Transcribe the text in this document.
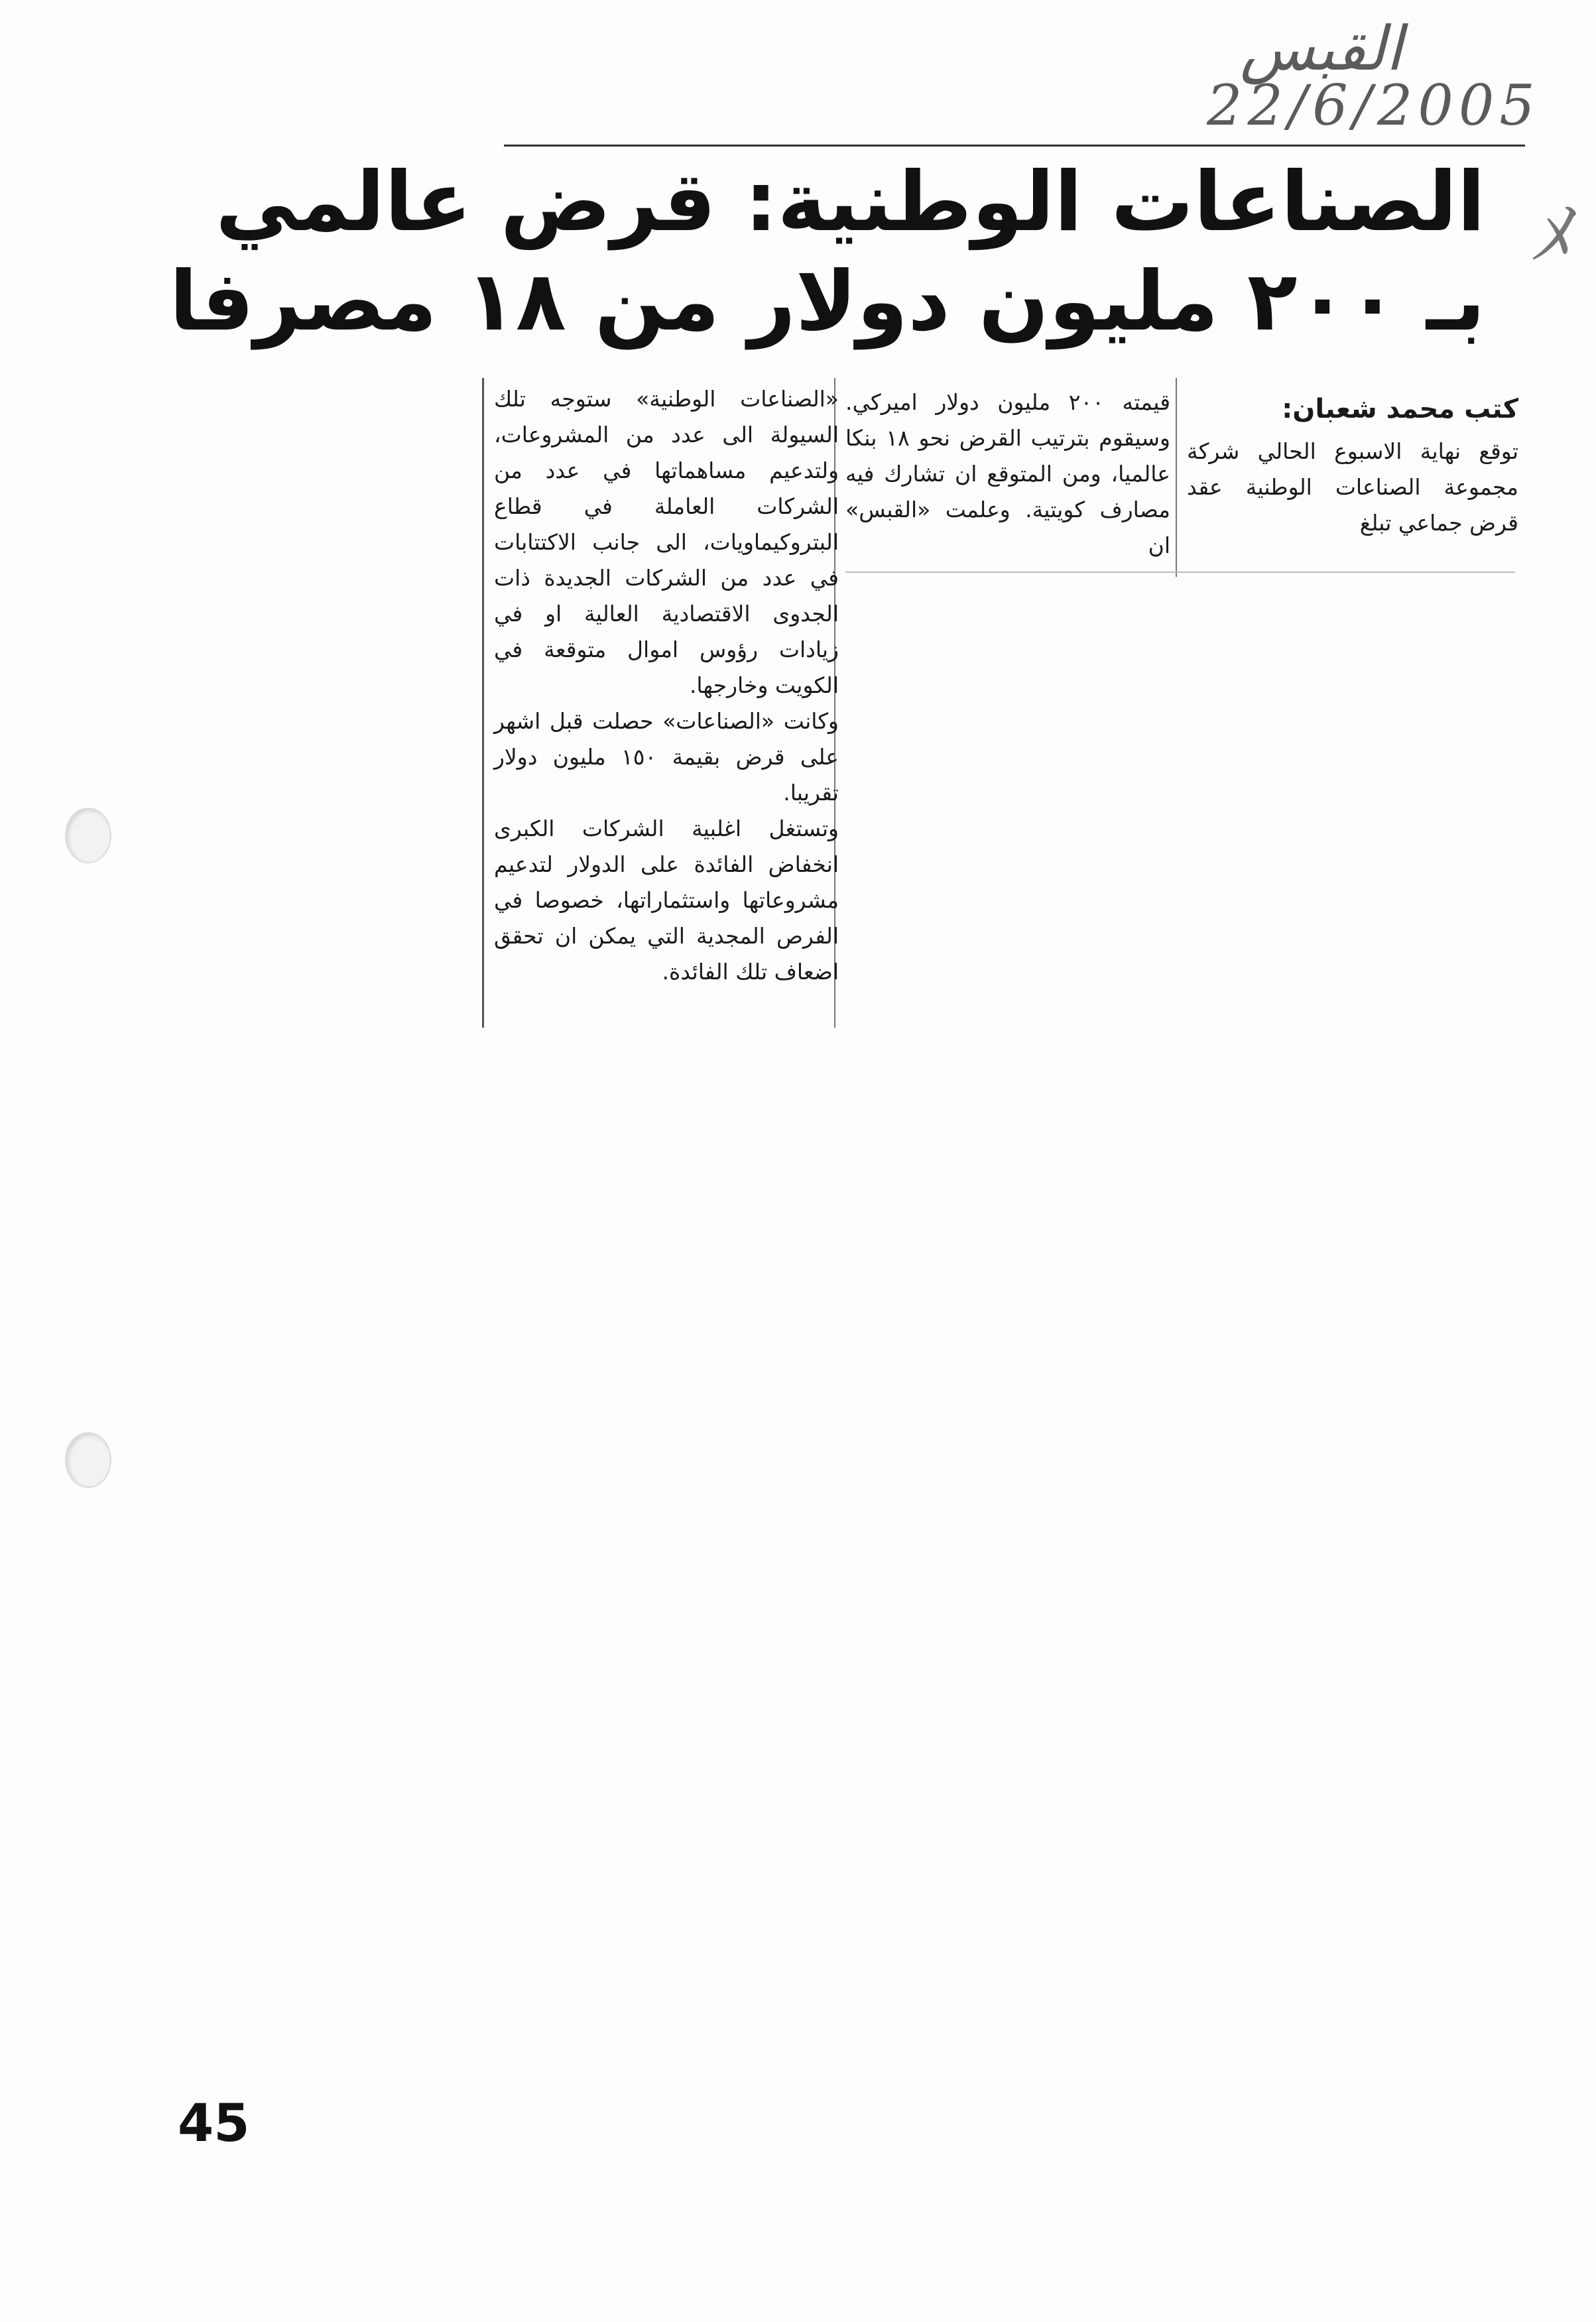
القبس
22/6/2005
ﾒ
الصناعات الوطنية: قرض عالمي
بـ ٢٠٠ مليون دولار من ١٨ مصرفا

كتب محمد شعبان:

توقع نهاية الاسبوع الحالي شركة مجموعة الصناعات الوطنية عقد قرض جماعي تبلغ

قيمته ٢٠٠ مليون دولار اميركي. وسيقوم بترتيب القرض نحو ١٨ بنكا عالميا، ومن المتوقع ان تشارك فيه مصارف كويتية. وعلمت «القبس» ان

«الصناعات الوطنية» ستوجه تلك السيولة الى عدد من المشروعات، ولتدعيم مساهماتها في عدد من الشركات العاملة في قطاع البتروكيماويات، الى جانب الاكتتابات في عدد من الشركات الجديدة ذات الجدوى الاقتصادية العالية او في زيادات رؤوس اموال متوقعة في الكويت وخارجها.

وكانت «الصناعات» حصلت قبل اشهر على قرض بقيمة ١٥٠ مليون دولار تقريبا.

وتستغل اغلبية الشركات الكبرى انخفاض الفائدة على الدولار لتدعيم مشروعاتها واستثماراتها، خصوصا في الفرص المجدية التي يمكن ان تحقق اضعاف تلك الفائدة.

45
